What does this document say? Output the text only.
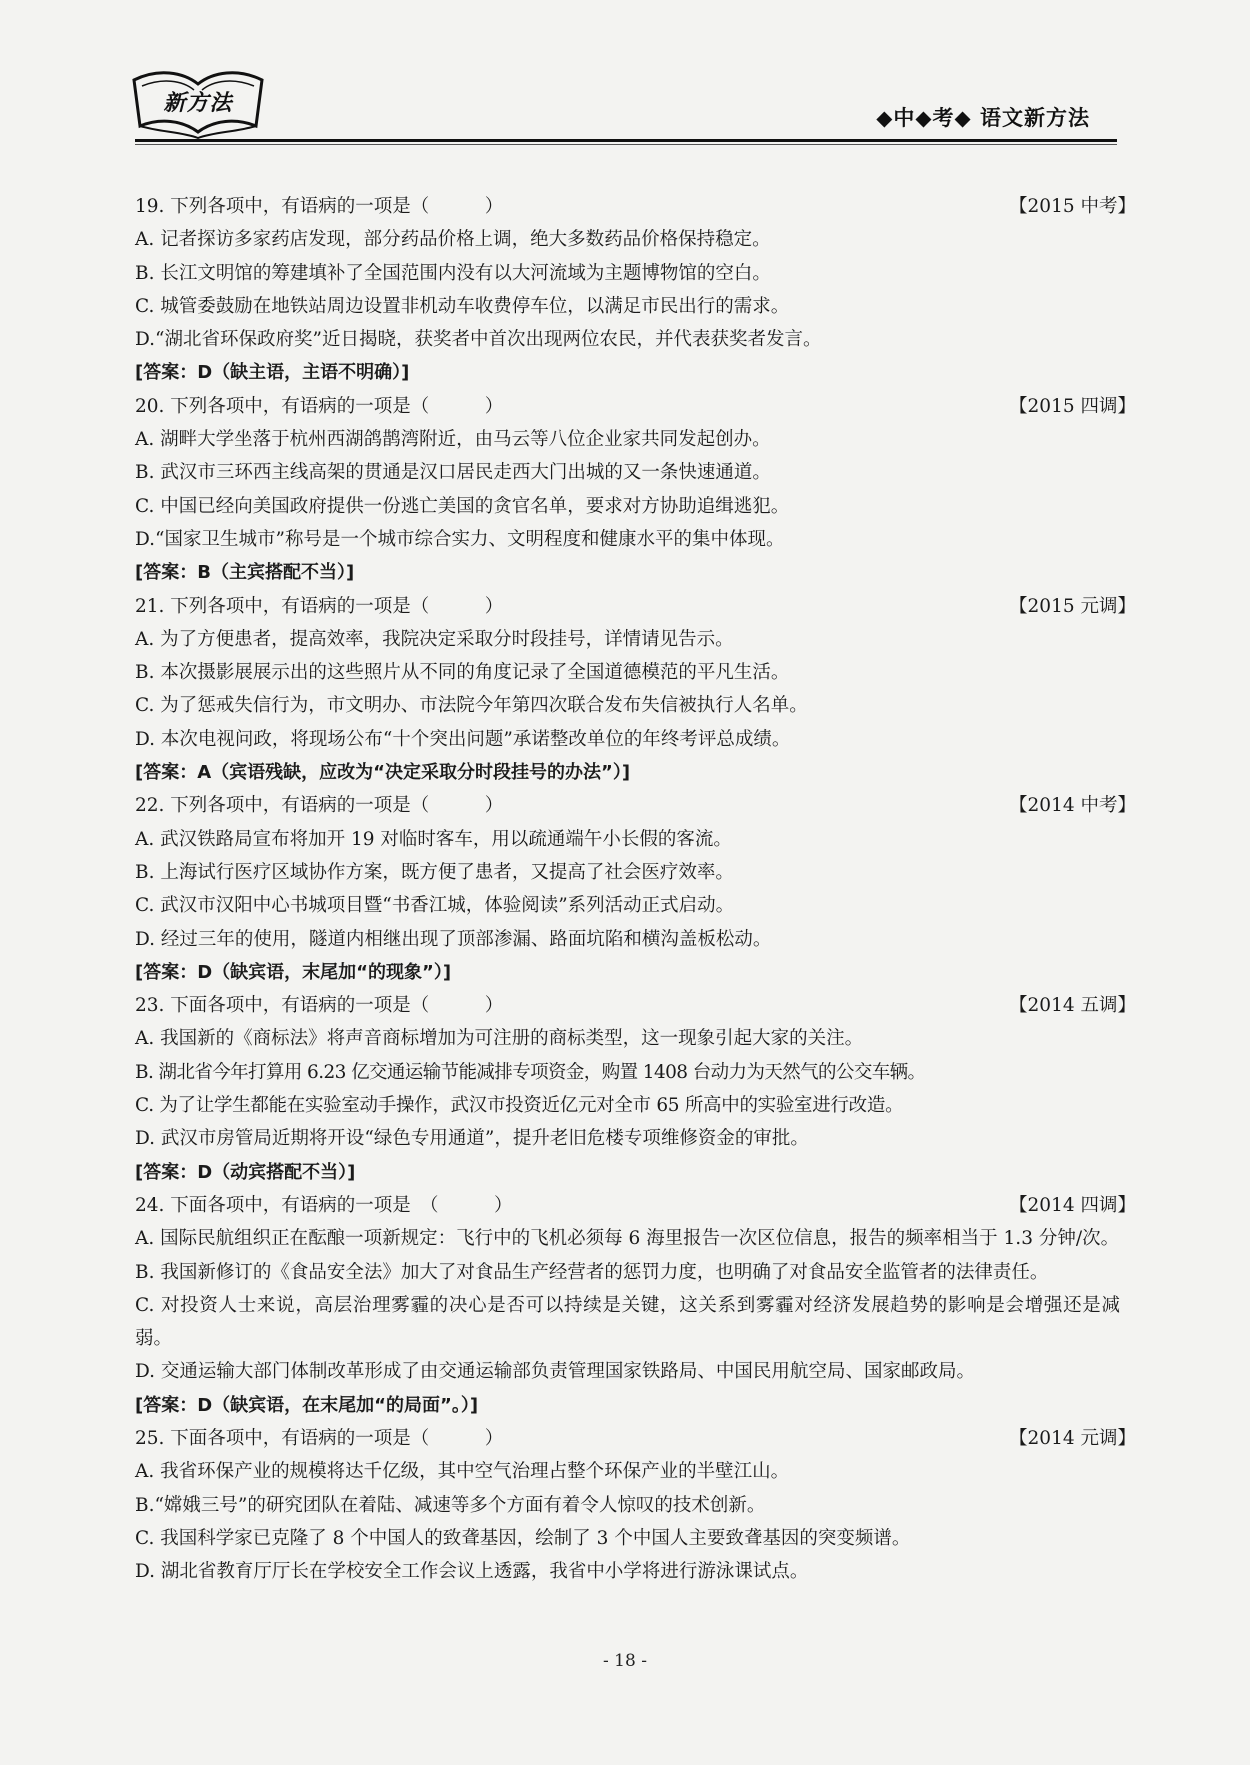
新方法
◆中◆考◆ 语文新方法
19. 下列各项中，有语病的一项是（　　　）	【2015 中考】
A. 记者探访多家药店发现，部分药品价格上调，绝大多数药品价格保持稳定。
B. 长江文明馆的筹建填补了全国范围内没有以大河流域为主题博物馆的空白。
C. 城管委鼓励在地铁站周边设置非机动车收费停车位，以满足市民出行的需求。
D.“湖北省环保政府奖”近日揭晓，获奖者中首次出现两位农民，并代表获奖者发言。
[答案：D（缺主语，主语不明确）]
20. 下列各项中，有语病的一项是（　　　）	【2015 四调】
A. 湖畔大学坐落于杭州西湖鸽鹊湾附近，由马云等八位企业家共同发起创办。
B. 武汉市三环西主线高架的贯通是汉口居民走西大门出城的又一条快速通道。
C. 中国已经向美国政府提供一份逃亡美国的贪官名单，要求对方协助追缉逃犯。
D.“国家卫生城市”称号是一个城市综合实力、文明程度和健康水平的集中体现。
[答案：B（主宾搭配不当）]
21. 下列各项中，有语病的一项是（　　　）	【2015 元调】
A. 为了方便患者，提高效率，我院决定采取分时段挂号，详情请见告示。
B. 本次摄影展展示出的这些照片从不同的角度记录了全国道德模范的平凡生活。
C. 为了惩戒失信行为，市文明办、市法院今年第四次联合发布失信被执行人名单。
D. 本次电视问政，将现场公布“十个突出问题”承诺整改单位的年终考评总成绩。
[答案：A（宾语残缺，应改为“决定采取分时段挂号的办法”）]
22. 下列各项中，有语病的一项是（　　　）	【2014 中考】
A. 武汉铁路局宣布将加开 19 对临时客车，用以疏通端午小长假的客流。
B. 上海试行医疗区域协作方案，既方便了患者，又提高了社会医疗效率。
C. 武汉市汉阳中心书城项目暨“书香江城，体验阅读”系列活动正式启动。
D. 经过三年的使用，隧道内相继出现了顶部渗漏、路面坑陷和横沟盖板松动。
[答案：D（缺宾语，末尾加“的现象”）]
23. 下面各项中，有语病的一项是（　　　）	【2014 五调】
A. 我国新的《商标法》将声音商标增加为可注册的商标类型，这一现象引起大家的关注。
B. 湖北省今年打算用 6.23 亿交通运输节能减排专项资金，购置 1408 台动力为天然气的公交车辆。
C. 为了让学生都能在实验室动手操作，武汉市投资近亿元对全市 65 所高中的实验室进行改造。
D. 武汉市房管局近期将开设“绿色专用通道”，提升老旧危楼专项维修资金的审批。
[答案：D（动宾搭配不当）]
24. 下面各项中，有语病的一项是　（　　　）	【2014 四调】
A. 国际民航组织正在酝酿一项新规定：飞行中的飞机必须每 6 海里报告一次区位信息，报告的频率相当于 1.3 分钟/次。
B. 我国新修订的《食品安全法》加大了对食品生产经营者的惩罚力度，也明确了对食品安全监管者的法律责任。
C. 对投资人士来说，高层治理雾霾的决心是否可以持续是关键，这关系到雾霾对经济发展趋势的影响是会增强还是减弱。
D. 交通运输大部门体制改革形成了由交通运输部负责管理国家铁路局、中国民用航空局、国家邮政局。
[答案：D（缺宾语，在末尾加“的局面”。）]
25. 下面各项中，有语病的一项是（　　　）	【2014 元调】
A. 我省环保产业的规模将达千亿级，其中空气治理占整个环保产业的半壁江山。
B.“嫦娥三号”的研究团队在着陆、减速等多个方面有着令人惊叹的技术创新。
C. 我国科学家已克隆了 8 个中国人的致聋基因，绘制了 3 个中国人主要致聋基因的突变频谱。
D. 湖北省教育厅厅长在学校安全工作会议上透露，我省中小学将进行游泳课试点。
- 18 -
